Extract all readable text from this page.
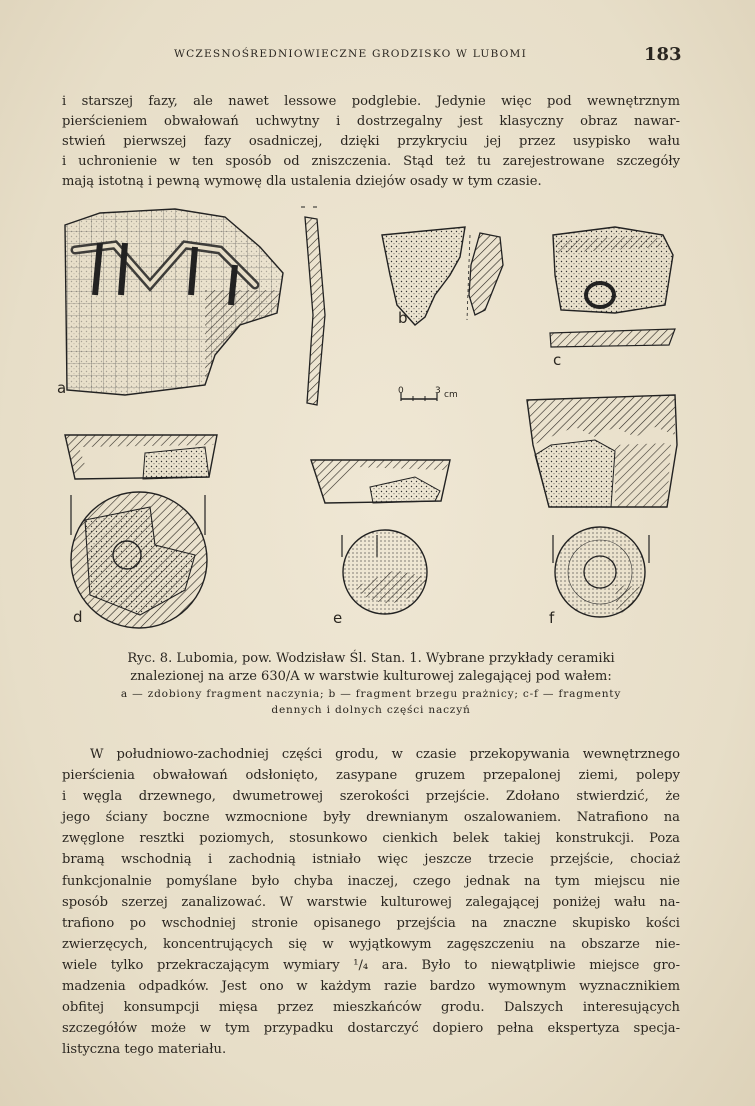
WCZESNOŚREDNIOWIECZNE GRODZISKO W LUBOMI	183
i starszej fazy, ale nawet lessowe podglebie. Jedynie więc pod wewnętrznym
pierścieniem obwałowań uchwytny i dostrzegalny jest klasyczny obraz nawar-
stwień pierwszej fazy osadniczej, dzięki przykryciu jej przez usypisko wału
i uchronienie w ten sposób od zniszczenia. Stąd też tu zarejestrowane szczegóły
mają istotną i pewną wymowę dla ustalenia dziejów osady w tym czasie.
a
b
c
0	3 cm
d	e	f
Ryc. 8. Lubomia, pow. Wodzisław Śl. Stan. 1. Wybrane przykłady ceramiki
znalezionej na arze 630/A w warstwie kulturowej zalegającej pod wałem:
a — zdobiony fragment naczynia; b — fragment brzegu prażnicy; c-f — fragmenty
dennych i dolnych części naczyń
W południowo-zachodniej części grodu, w czasie przekopywania wewnętrznego
pierścienia obwałowań odsłonięto, zasypane gruzem przepalonej ziemi, polepy
i węgla drzewnego, dwumetrowej szerokości przejście. Zdołano stwierdzić, że
jego ściany boczne wzmocnione były drewnianym oszalowaniem. Natrafiono na
zwęglone resztki poziomych, stosunkowo cienkich belek takiej konstrukcji. Poza
bramą wschodnią i zachodnią istniało więc jeszcze trzecie przejście, chociaż
funkcjonalnie pomyślane było chyba inaczej, czego jednak na tym miejscu nie
sposób szerzej zanalizować. W warstwie kulturowej zalegającej poniżej wału na-
trafiono po wschodniej stronie opisanego przejścia na znaczne skupisko kości
zwierzęcych, koncentrujących się w wyjątkowym zagęszczeniu na obszarze nie-
wiele tylko przekraczającym wymiary ¹/₄ ara. Było to niewątpliwie miejsce gro-
madzenia odpadków. Jest ono w każdym razie bardzo wymownym wyznacznikiem
obfitej konsumpcji mięsa przez mieszkańców grodu. Dalszych interesujących
szczegółów może w tym przypadku dostarczyć dopiero pełna ekspertyza specja-
listyczna tego materiału.
